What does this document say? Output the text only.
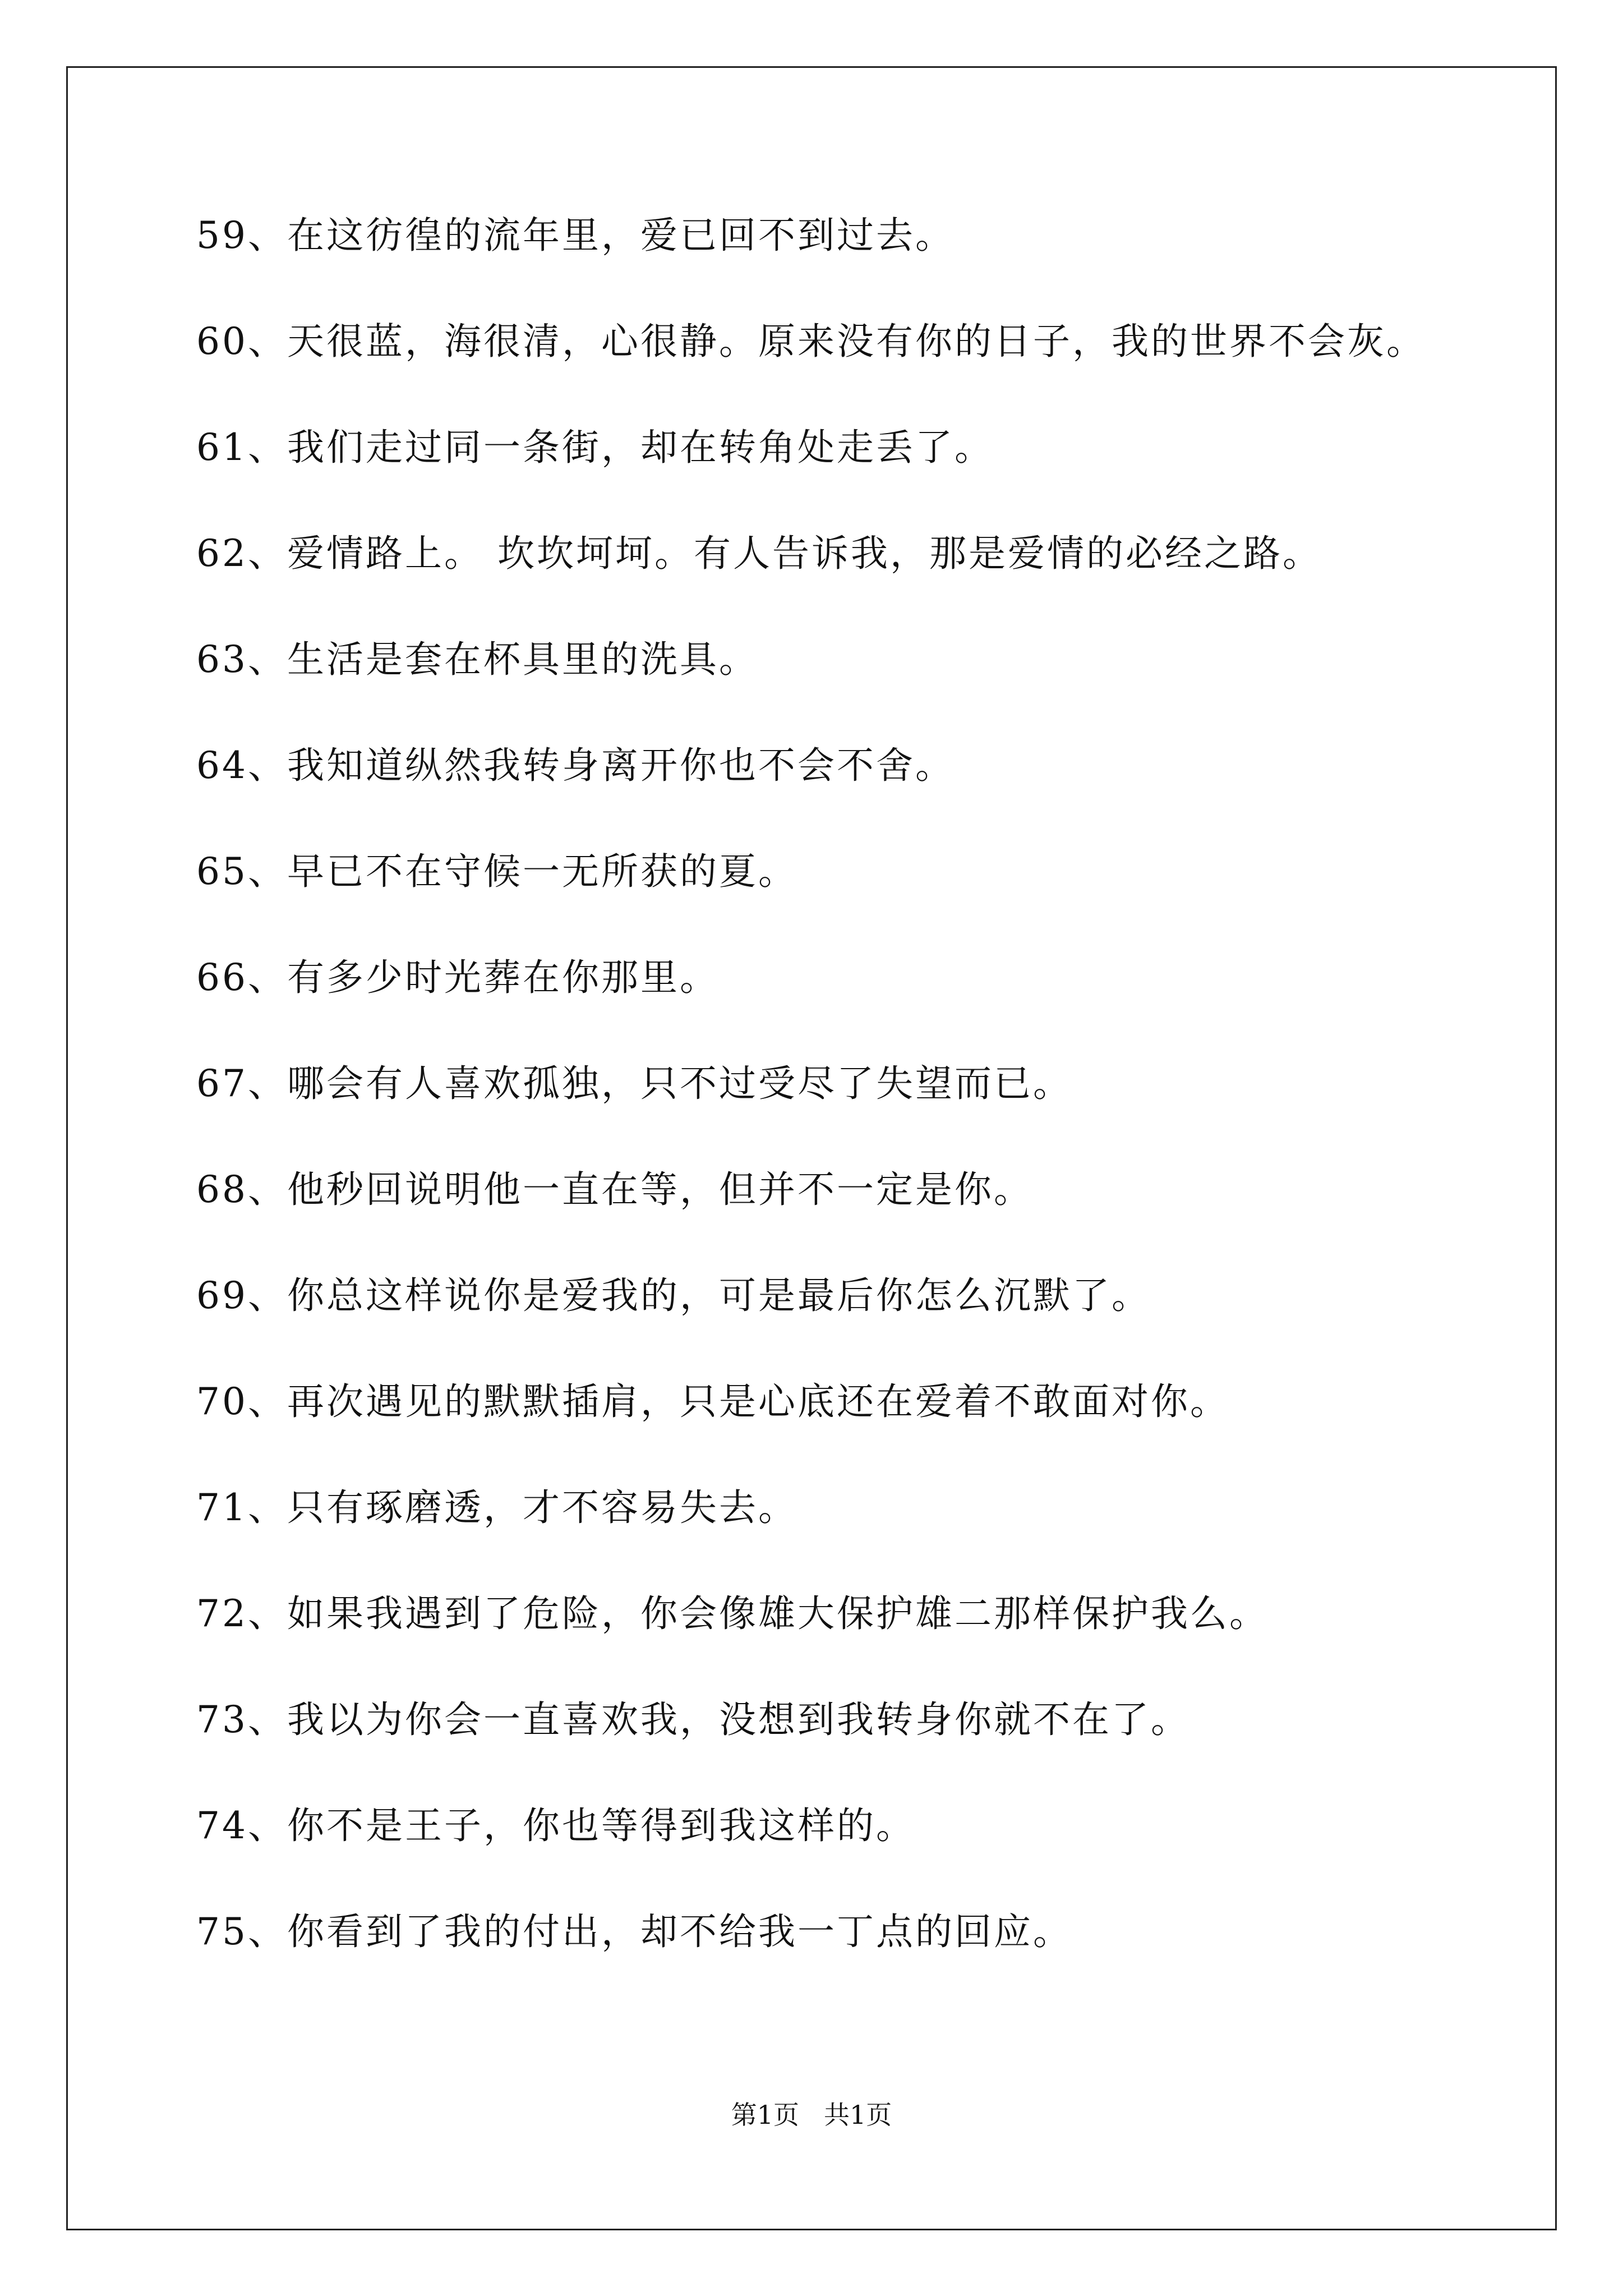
59、在这彷徨的流年里，爱已回不到过去。
60、天很蓝，海很清，心很静。原来没有你的日子，我的世界不会灰。
61、我们走过同一条街，却在转角处走丢了。
62、爱情路上。 坎坎坷坷。有人告诉我，那是爱情的必经之路。
63、生活是套在杯具里的洗具。
64、我知道纵然我转身离开你也不会不舍。
65、早已不在守候一无所获的夏。
66、有多少时光葬在你那里。
67、哪会有人喜欢孤独，只不过受尽了失望而已。
68、他秒回说明他一直在等，但并不一定是你。
69、你总这样说你是爱我的，可是最后你怎么沉默了。
70、再次遇见的默默插肩，只是心底还在爱着不敢面对你。
71、只有琢磨透，才不容易失去。
72、如果我遇到了危险，你会像雄大保护雄二那样保护我么。
73、我以为你会一直喜欢我，没想到我转身你就不在了。
74、你不是王子，你也等得到我这样的。
75、你看到了我的付出，却不给我一丁点的回应。
第1页 共1页
